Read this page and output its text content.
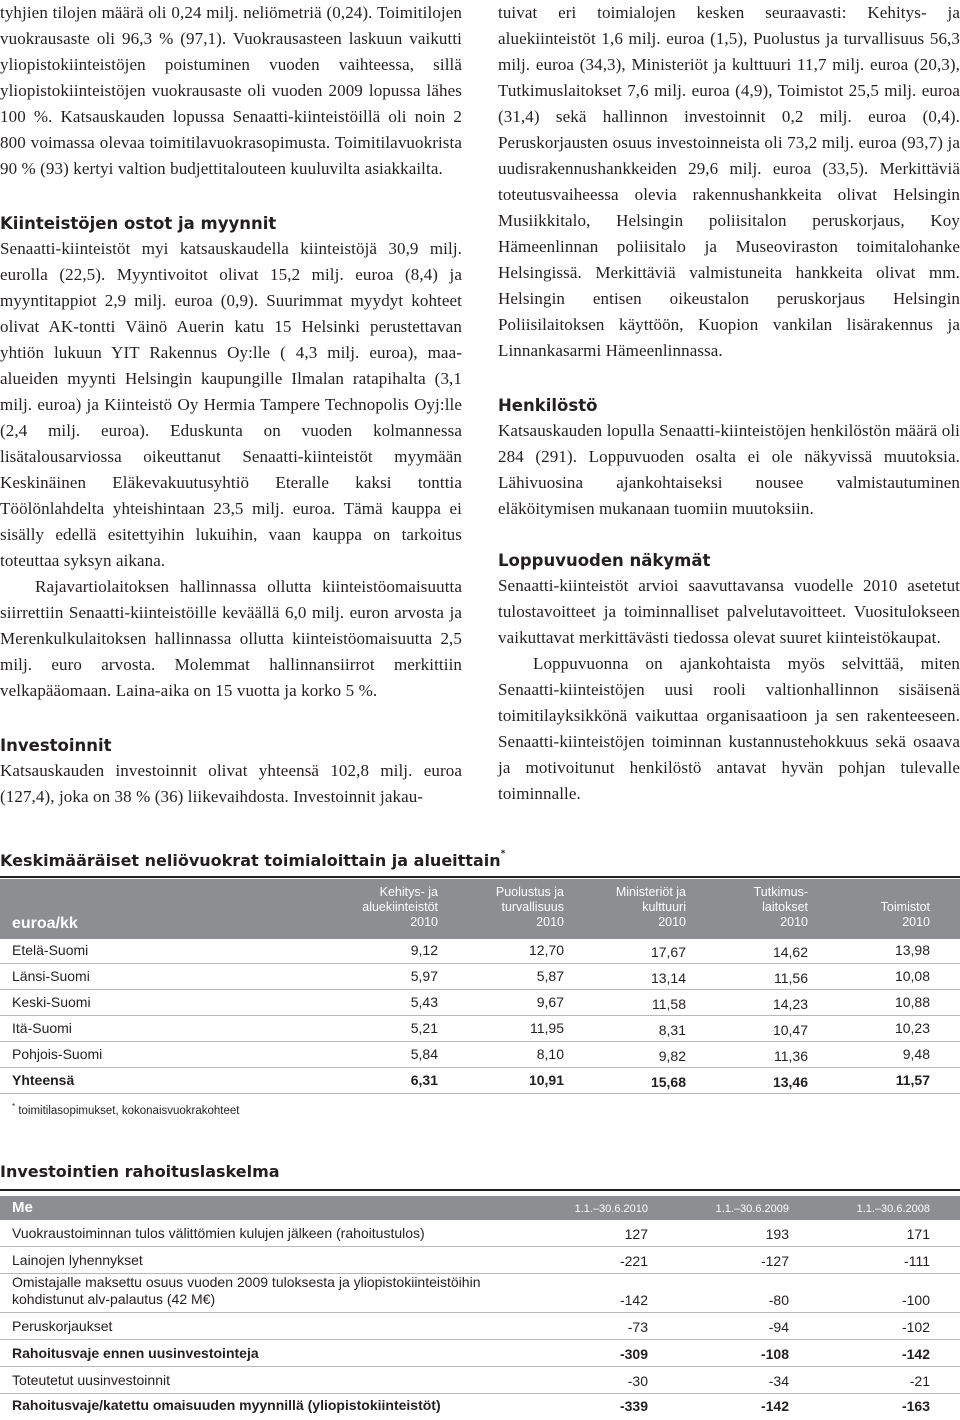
tyhjien tilojen määrä oli 0,24 milj. neliömetriä (0,24). Toimitilojen vuokrausaste oli 96,3 % (97,1). Vuokrausasteen laskuun vaikutti yliopistokiinteistöjen poistuminen vuoden vaihteessa, sillä yliopistokiinteistöjen vuokrausaste oli vuoden 2009 lopussa lähes 100 %. Katsauskauden lopussa Senaatti-kiinteistöillä oli noin 2 800 voimassa olevaa toimitilavuokrasopimusta. Toimitilavuokrista 90 % (93) kertyi valtion budjettitalouteen kuuluvilta asiakkailta.

Kiinteistöjen ostot ja myynnit

Senaatti-kiinteistöt myi katsauskaudella kiinteistöjä 30,9 milj. eurolla (22,5). Myyntivoitot olivat 15,2 milj. euroa (8,4) ja myyntitappiot 2,9 milj. euroa (0,9). Suurimmat myydyt kohteet olivat AK-tontti Väinö Auerin katu 15 Helsinki perustettavan yhtiön lukuun YIT Rakennus Oy:lle ( 4,3 milj. euroa), maa-alueiden myynti Helsingin kaupungille Ilmalan ratapihalta (3,1 milj. euroa) ja Kiinteistö Oy Hermia Tampere Technopolis Oyj:lle (2,4 milj. euroa). Eduskunta on vuoden kolmannessa lisätalousarviossa oikeuttanut Senaatti-kiinteistöt myymään Keskinäinen Eläkevakuutusyhtiö Eteralle kaksi tonttia Töölönlahdelta yhteishintaan 23,5 milj. euroa. Tämä kauppa ei sisälly edellä esitettyihin lukuihin, vaan kauppa on tarkoitus toteuttaa syksyn aikana.

Rajavartiolaitoksen hallinnassa ollutta kiinteistöomaisuutta siirrettiin Senaatti-kiinteistöille keväällä 6,0 milj. euron arvosta ja Merenkulkulaitoksen hallinnassa ollutta kiinteistöomaisuutta 2,5 milj. euro arvosta. Molemmat hallinnansiirrot merkittiin velkapääomaan. Laina-aika on 15 vuotta ja korko 5 %.

Investoinnit

Katsauskauden investoinnit olivat yhteensä 102,8 milj. euroa (127,4), joka on 38 % (36) liikevaihdosta. Investoinnit jakau-

tuivat eri toimialojen kesken seuraavasti: Kehitys- ja aluekiinteistöt 1,6 milj. euroa (1,5), Puolustus ja turvallisuus 56,3 milj. euroa (34,3), Ministeriöt ja kulttuuri 11,7 milj. euroa (20,3), Tutkimuslaitokset 7,6 milj. euroa (4,9), Toimistot 25,5 milj. euroa (31,4) sekä hallinnon investoinnit 0,2 milj. euroa (0,4). Peruskorjausten osuus investoinneista oli 73,2 milj. euroa (93,7) ja uudisrakennushankkeiden 29,6 milj. euroa (33,5). Merkittäviä toteutusvaiheessa olevia rakennushankkeita olivat Helsingin Musiikkitalo, Helsingin poliisitalon peruskorjaus, Koy Hämeenlinnan poliisitalo ja Museoviraston toimitalohanke Helsingissä. Merkittäviä valmistuneita hankkeita olivat mm. Helsingin entisen oikeustalon peruskorjaus Helsingin Poliisilaitoksen käyttöön, Kuopion vankilan lisärakennus ja Linnankasarmi Hämeenlinnassa.

Henkilöstö

Katsauskauden lopulla Senaatti-kiinteistöjen henkilöstön määrä oli 284 (291). Loppuvuoden osalta ei ole näkyvissä muutoksia. Lähivuosina ajankohtaiseksi nousee valmistautuminen eläköitymisen mukanaan tuomiin muutoksiin.

Loppuvuoden näkymät

Senaatti-kiinteistöt arvioi saavuttavansa vuodelle 2010 asetetut tulostavoitteet ja toiminnalliset palvelutavoitteet. Vuositulokseen vaikuttavat merkittävästi tiedossa olevat suuret kiinteistökaupat.

Loppuvuonna on ajankohtaista myös selvittää, miten Senaatti-kiinteistöjen uusi rooli valtionhallinnon sisäisenä toimitilayksikkönä vaikuttaa organisaatioon ja sen rakenteeseen. Senaatti-kiinteistöjen toiminnan kustannustehokkuus sekä osaava ja motivoitunut henkilöstö antavat hyvän pohjan tulevalle toiminnalle.

Keskimääräiset neliövuokrat toimialoittain ja alueittain*
euroa/kk
Kehitys- ja
aluekiinteistöt
2010
Puolustus ja
turvallisuus
2010
Ministeriöt ja
kulttuuri
2010
Tutkimus-
laitokset
2010

Toimistot
2010
Etelä-Suomi	9,12	12,70	17,67	14,62	13,98
Länsi-Suomi	5,97	5,87	13,14	11,56	10,08
Keski-Suomi	5,43	9,67	11,58	14,23	10,88
Itä-Suomi	5,21	11,95	8,31	10,47	10,23
Pohjois-Suomi	5,84	8,10	9,82	11,36	9,48
Yhteensä	6,31	10,91	15,68	13,46	11,57
* toimitilasopimukset, kokonaisvuokrakohteet
Investointien rahoituslaskelma
Me	1.1.–30.6.2010	1.1.–30.6.2009	1.1.–30.6.2008
Vuokraustoiminnan tulos välittömien kulujen jälkeen (rahoitustulos)	127	193	171
Lainojen lyhennykset	-221	-127	-111
Omistajalle maksettu osuus vuoden 2009 tuloksesta ja yliopistokiinteistöihin kohdistunut alv-palautus (42 M€)	-142	-80	-100
Peruskorjaukset	-73	-94	-102
Rahoitusvaje ennen uusinvestointeja	-309	-108	-142
Toteutetut uusinvestoinnit	-30	-34	-21
Rahoitusvaje/katettu omaisuuden myynnillä (yliopistokiinteistöt)	-339	-142	-163
